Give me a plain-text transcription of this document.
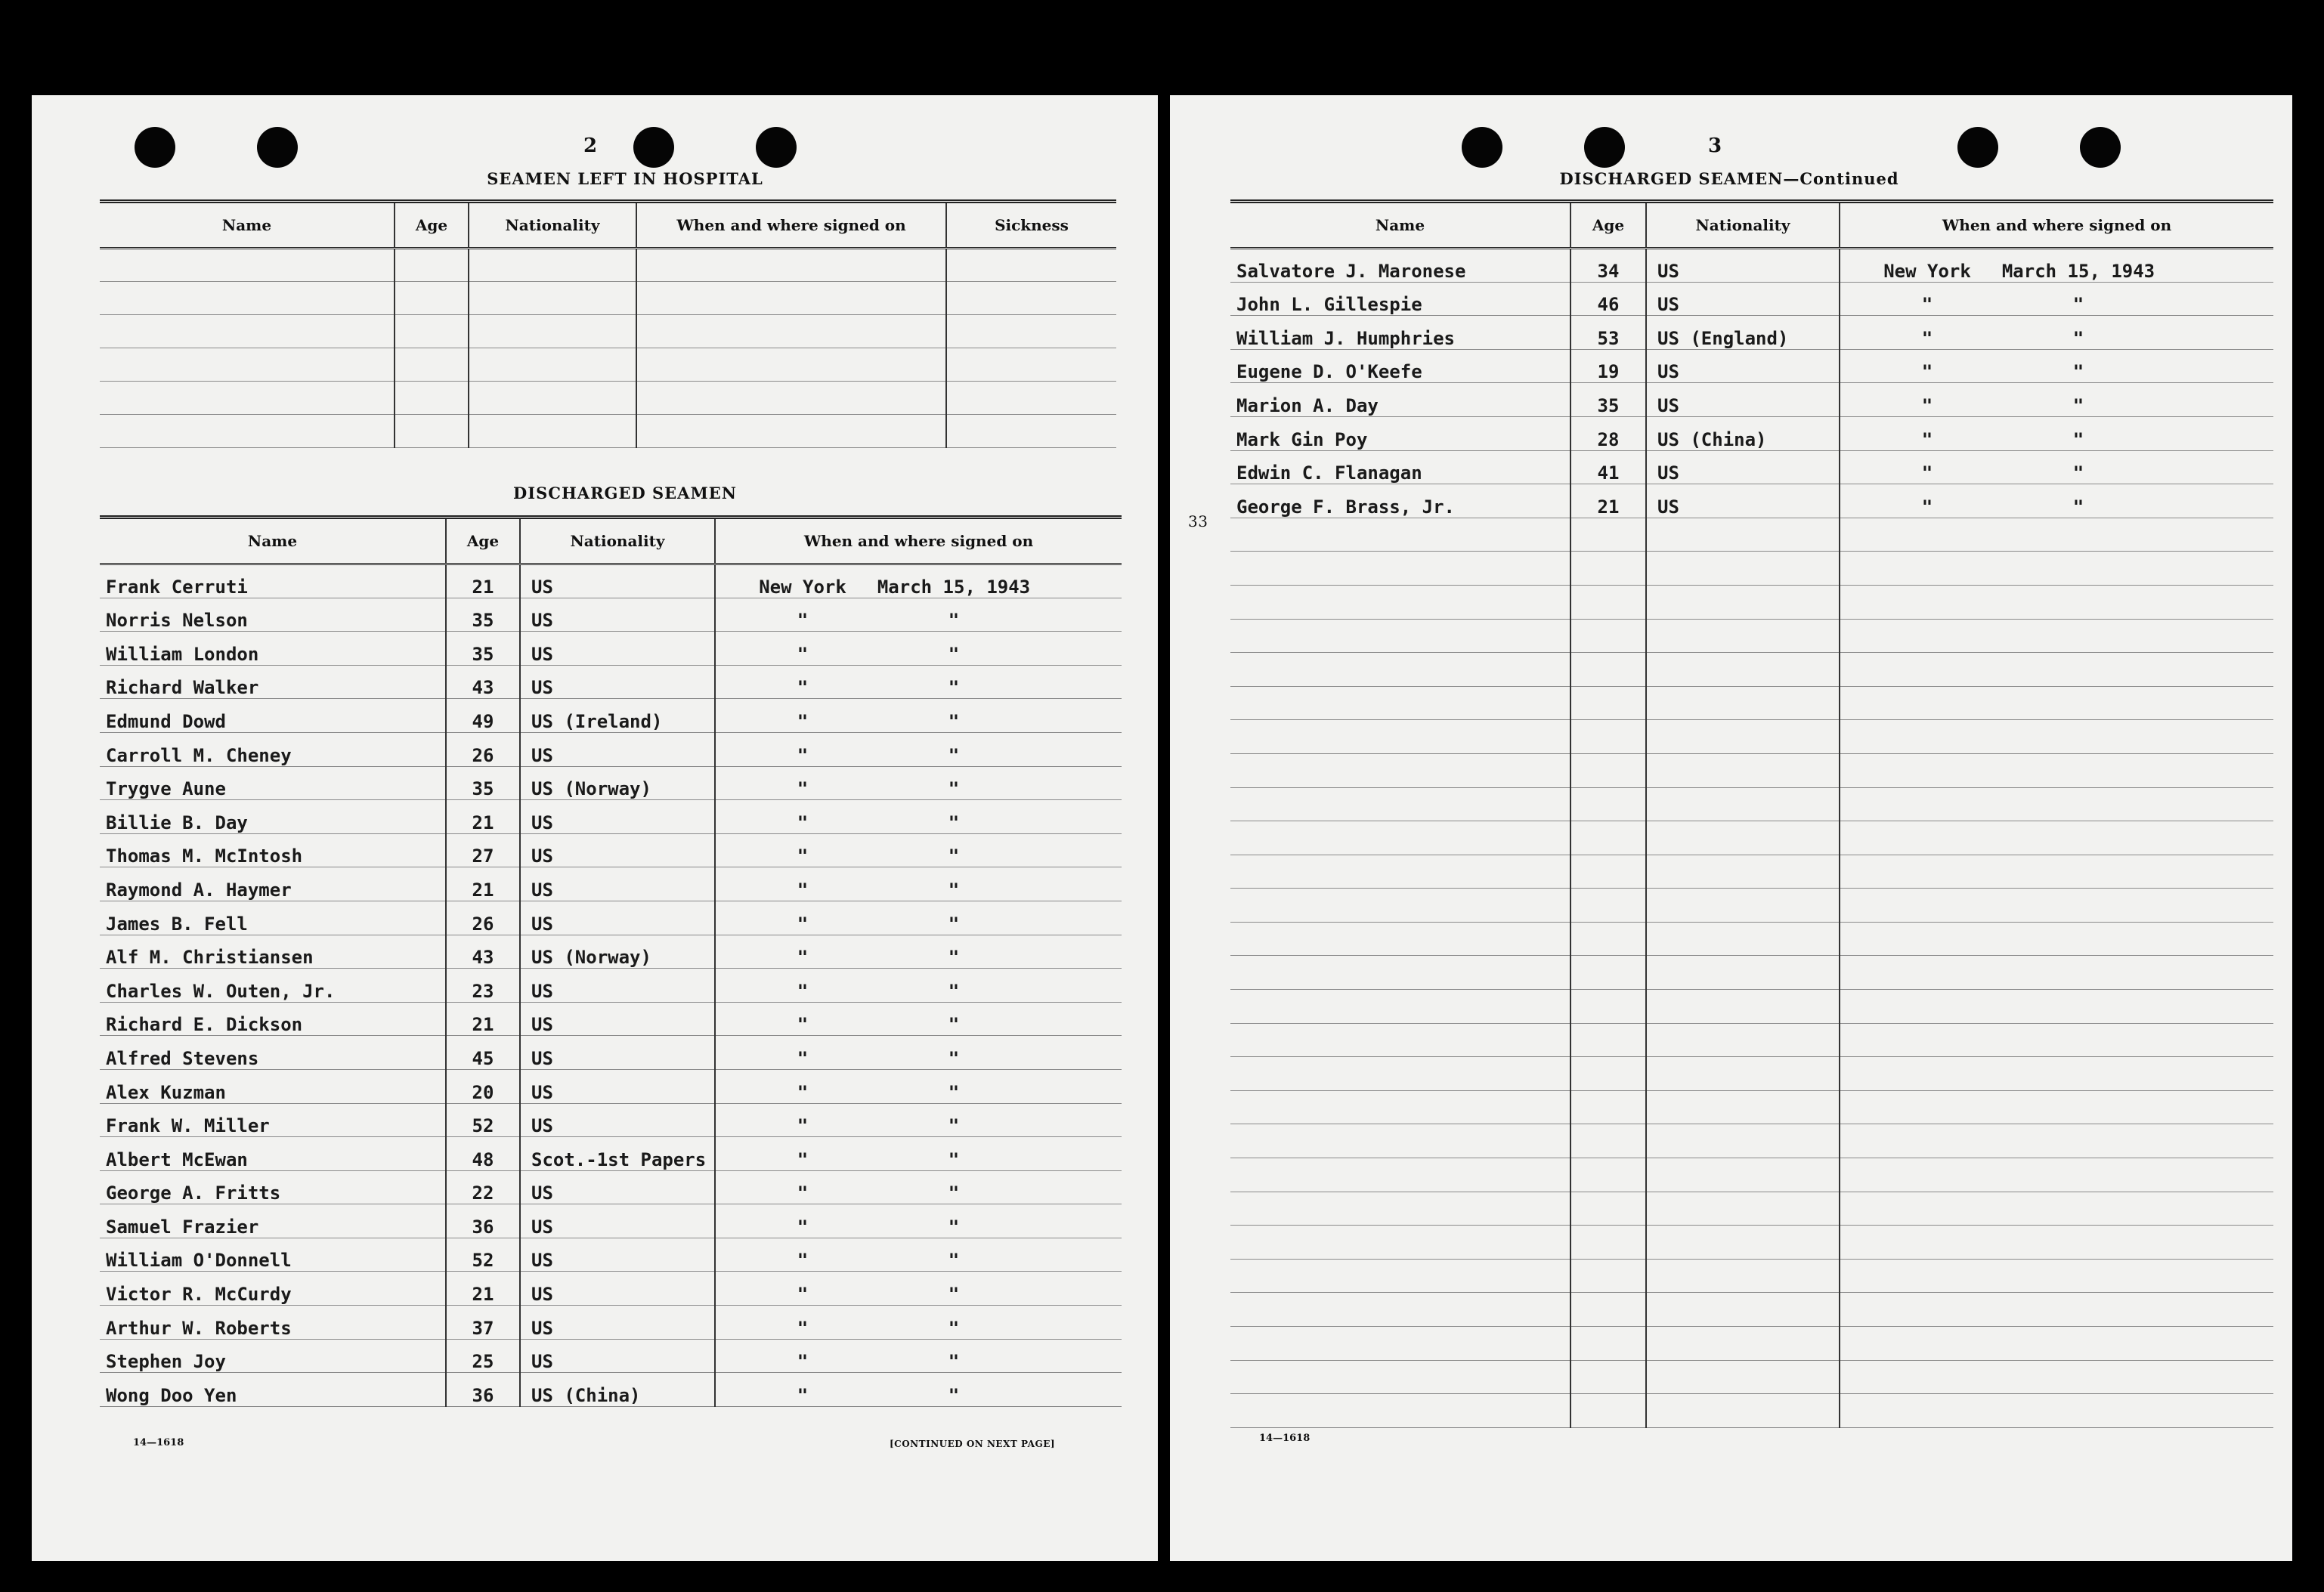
2
SEAMEN LEFT IN HOSPITAL
Name	Age	Nationality	When and where signed on	Sickness

DISCHARGED SEAMEN
Name	Age	Nationality	When and where signed on
Frank Cerruti	21	US	New York March 15, 1943
Norris Nelson	35	US	" "
William London	35	US	" "
Richard Walker	43	US	" "
Edmund Dowd	49	US (Ireland)	" "
Carroll M. Cheney	26	US	" "
Trygve Aune	35	US (Norway)	" "
Billie B. Day	21	US	" "
Thomas M. McIntosh	27	US	" "
Raymond A. Haymer	21	US	" "
James B. Fell	26	US	" "
Alf M. Christiansen	43	US (Norway)	" "
Charles W. Outen, Jr.	23	US	" "
Richard E. Dickson	21	US	" "
Alfred Stevens	45	US	" "
Alex Kuzman	20	US	" "
Frank W. Miller	52	US	" "
Albert McEwan	48	Scot.-1st Papers	" "
George A. Fritts	22	US	" "
Samuel Frazier	36	US	" "
William O'Donnell	52	US	" "
Victor R. McCurdy	21	US	" "
Arthur W. Roberts	37	US	" "
Stephen Joy	25	US	" "
Wong Doo Yen	36	US (China)	" "
14—1618	[CONTINUED ON NEXT PAGE]
3
DISCHARGED SEAMEN—Continued
Name	Age	Nationality	When and where signed on
Salvatore J. Maronese	34	US	New York March 15, 1943
John L. Gillespie	46	US	" "
William J. Humphries	53	US (England)	" "
Eugene D. O'Keefe	19	US	" "
Marion A. Day	35	US	" "
Mark Gin Poy	28	US (China)	" "
Edwin C. Flanagan	41	US	" "
George F. Brass, Jr.	21	US	" "

33
14—1618
